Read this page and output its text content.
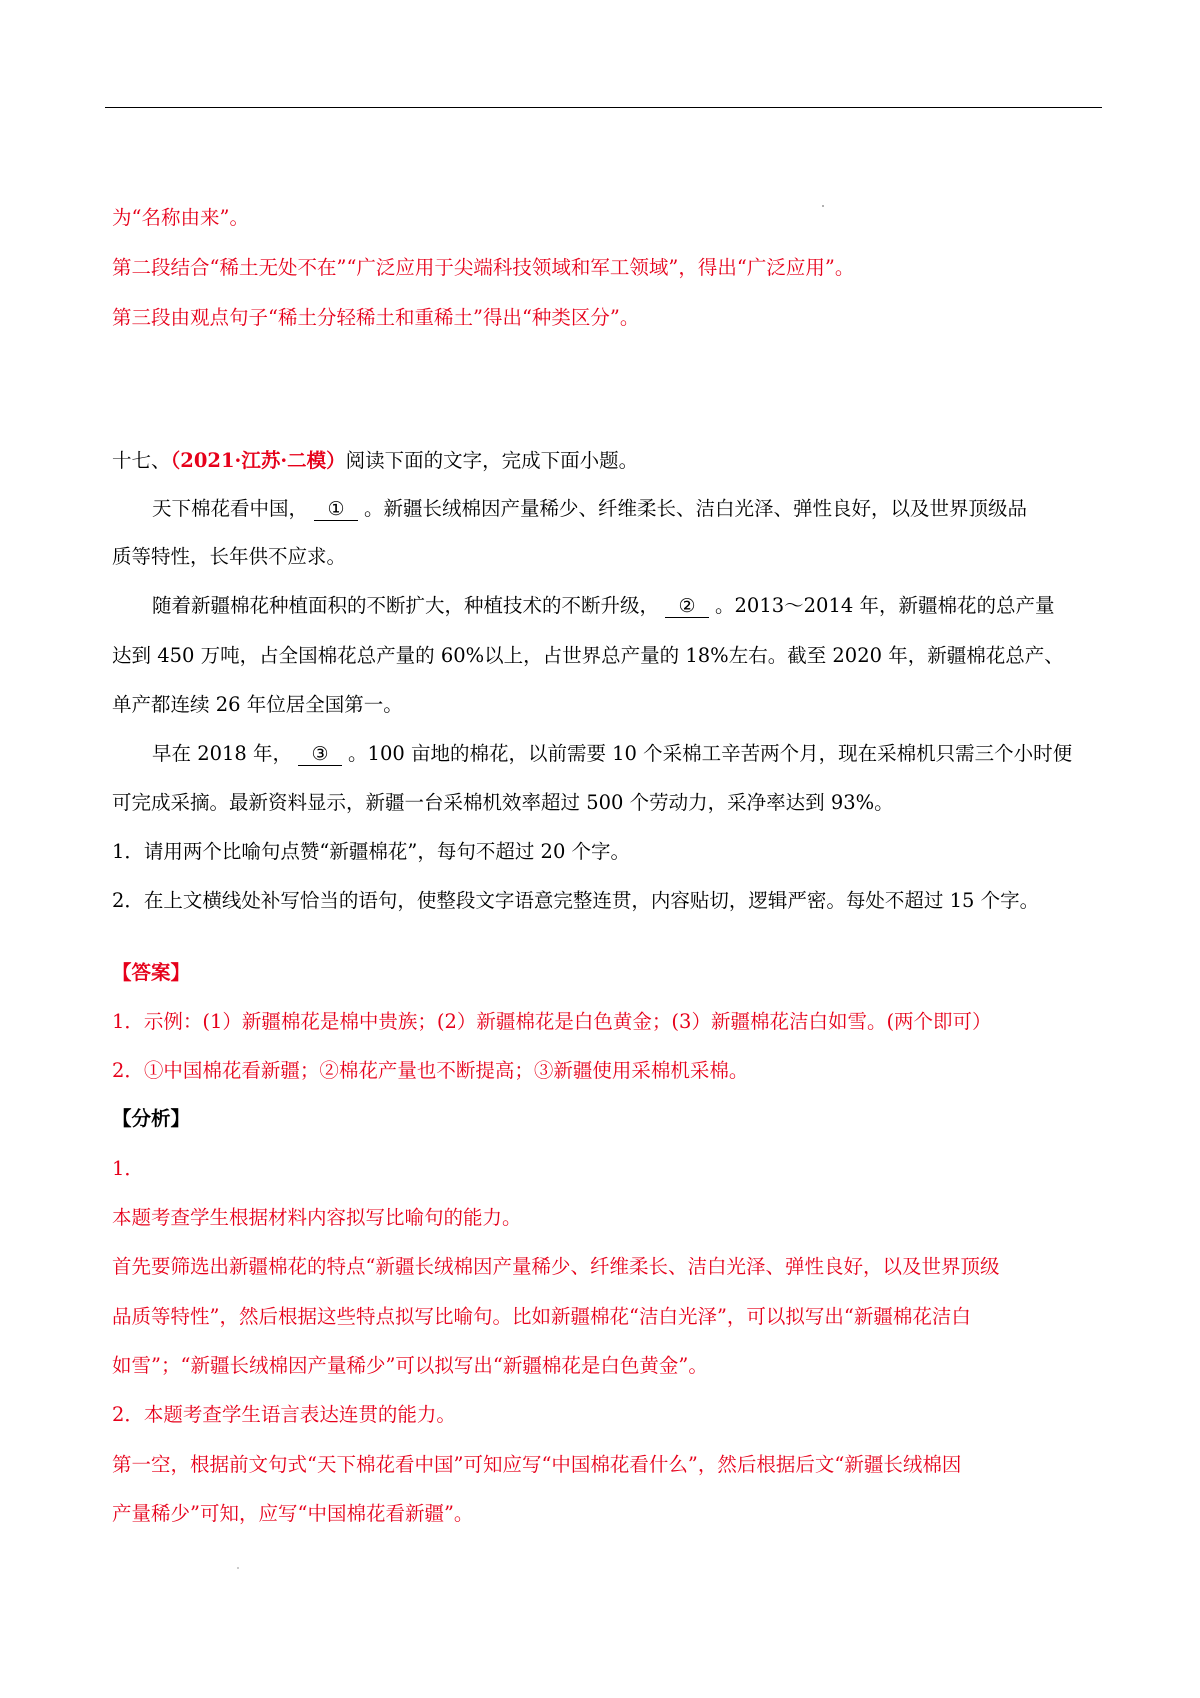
为“名称由来”。
第二段结合“稀土无处不在”“广泛应用于尖端科技领域和军工领域”，得出“广泛应用”。
第三段由观点句子“稀土分轻稀土和重稀土”得出“种类区分”。
十七、（2021·江苏·二模）阅读下面的文字，完成下面小题。
天下棉花看中国， ① 。新疆长绒棉因产量稀少、纤维柔长、洁白光泽、弹性良好，以及世界顶级品
质等特性，长年供不应求。
随着新疆棉花种植面积的不断扩大，种植技术的不断升级， ② 。2013～2014 年，新疆棉花的总产量
达到 450 万吨，占全国棉花总产量的 60%以上，占世界总产量的 18%左右。截至 2020 年，新疆棉花总产、
单产都连续 26 年位居全国第一。
早在 2018 年， ③ 。100 亩地的棉花，以前需要 10 个采棉工辛苦两个月，现在采棉机只需三个小时便
可完成采摘。最新资料显示，新疆一台采棉机效率超过 500 个劳动力，采净率达到 93%。
1．请用两个比喻句点赞“新疆棉花”，每句不超过 20 个字。
2．在上文横线处补写恰当的语句，使整段文字语意完整连贯，内容贴切，逻辑严密。每处不超过 15 个字。
【答案】
1．示例：(1）新疆棉花是棉中贵族；(2）新疆棉花是白色黄金；(3）新疆棉花洁白如雪。(两个即可）
2．①中国棉花看新疆；②棉花产量也不断提高；③新疆使用采棉机采棉。
【分析】
1．
本题考查学生根据材料内容拟写比喻句的能力。
首先要筛选出新疆棉花的特点“新疆长绒棉因产量稀少、纤维柔长、洁白光泽、弹性良好，以及世界顶级
品质等特性”，然后根据这些特点拟写比喻句。比如新疆棉花“洁白光泽”，可以拟写出“新疆棉花洁白
如雪”；“新疆长绒棉因产量稀少”可以拟写出“新疆棉花是白色黄金”。
2．本题考查学生语言表达连贯的能力。
第一空，根据前文句式“天下棉花看中国”可知应写“中国棉花看什么”，然后根据后文“新疆长绒棉因
产量稀少”可知，应写“中国棉花看新疆”。
